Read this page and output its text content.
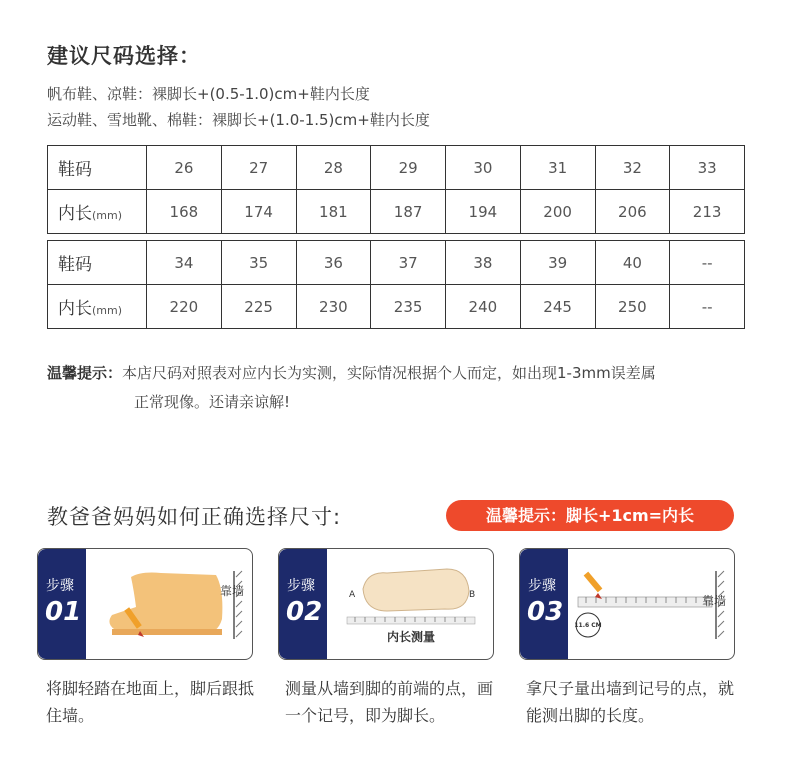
建议尺码选择：
帆布鞋、凉鞋：裸脚长+(0.5-1.0)cm+鞋内长度
运动鞋、雪地靴、棉鞋：裸脚长+(1.0-1.5)cm+鞋内长度
鞋码	26	27	28	29	30	31	32	33
内长(mm)	168	174	181	187	194	200	206	213
鞋码	34	35	36	37	38	39	40	--
内长(mm)	220	225	230	235	240	245	250	--
温馨提示：本店尺码对照表对应内长为实测，实际情况根据个人而定，如出现1-3mm误差属
正常现像。还请亲谅解!
教爸爸妈妈如何正确选择尺寸:	温馨提示：脚长+1cm=内长
步骤
01
靠墙	步骤
02
A	B
内长测量
步骤
03	靠墙
11.6 CM
将脚轻踏在地面上，脚后跟抵住墙。
测量从墙到脚的前端的点，画一个记号，即为脚长。
拿尺子量出墙到记号的点，就能测出脚的长度。
